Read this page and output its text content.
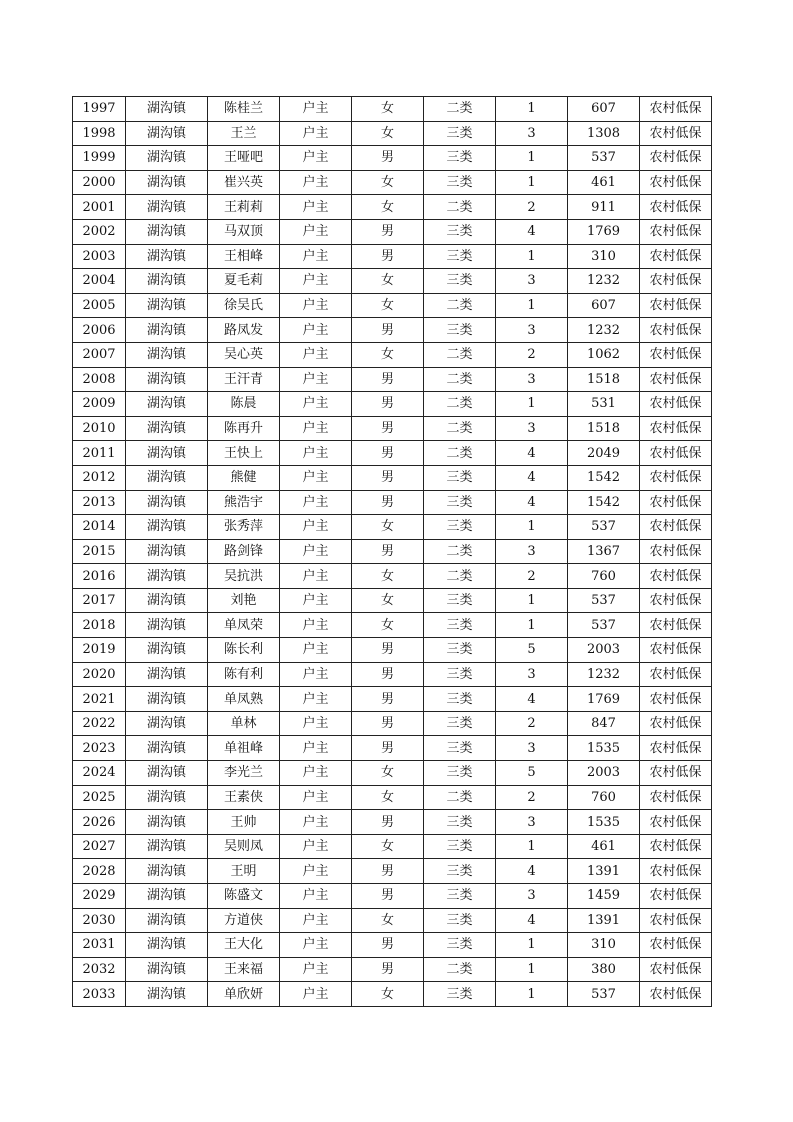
1997	湖沟镇	陈桂兰	户主	女	二类	1	607	农村低保
1998	湖沟镇	王兰	户主	女	三类	3	1308	农村低保
1999	湖沟镇	王哑吧	户主	男	三类	1	537	农村低保
2000	湖沟镇	崔兴英	户主	女	三类	1	461	农村低保
2001	湖沟镇	王莉莉	户主	女	二类	2	911	农村低保
2002	湖沟镇	马双顶	户主	男	三类	4	1769	农村低保
2003	湖沟镇	王相峰	户主	男	三类	1	310	农村低保
2004	湖沟镇	夏毛莉	户主	女	三类	3	1232	农村低保
2005	湖沟镇	徐吴氏	户主	女	二类	1	607	农村低保
2006	湖沟镇	路凤发	户主	男	三类	3	1232	农村低保
2007	湖沟镇	吴心英	户主	女	二类	2	1062	农村低保
2008	湖沟镇	王汗青	户主	男	二类	3	1518	农村低保
2009	湖沟镇	陈晨	户主	男	二类	1	531	农村低保
2010	湖沟镇	陈再升	户主	男	二类	3	1518	农村低保
2011	湖沟镇	王快上	户主	男	二类	4	2049	农村低保
2012	湖沟镇	熊健	户主	男	三类	4	1542	农村低保
2013	湖沟镇	熊浩宇	户主	男	三类	4	1542	农村低保
2014	湖沟镇	张秀萍	户主	女	三类	1	537	农村低保
2015	湖沟镇	路剑锋	户主	男	二类	3	1367	农村低保
2016	湖沟镇	吴抗洪	户主	女	二类	2	760	农村低保
2017	湖沟镇	刘艳	户主	女	三类	1	537	农村低保
2018	湖沟镇	单凤荣	户主	女	三类	1	537	农村低保
2019	湖沟镇	陈长利	户主	男	三类	5	2003	农村低保
2020	湖沟镇	陈有利	户主	男	三类	3	1232	农村低保
2021	湖沟镇	单凤熟	户主	男	三类	4	1769	农村低保
2022	湖沟镇	单林	户主	男	三类	2	847	农村低保
2023	湖沟镇	单祖峰	户主	男	三类	3	1535	农村低保
2024	湖沟镇	李光兰	户主	女	三类	5	2003	农村低保
2025	湖沟镇	王素侠	户主	女	二类	2	760	农村低保
2026	湖沟镇	王帅	户主	男	三类	3	1535	农村低保
2027	湖沟镇	吴则凤	户主	女	三类	1	461	农村低保
2028	湖沟镇	王明	户主	男	三类	4	1391	农村低保
2029	湖沟镇	陈盛文	户主	男	三类	3	1459	农村低保
2030	湖沟镇	方道侠	户主	女	三类	4	1391	农村低保
2031	湖沟镇	王大化	户主	男	三类	1	310	农村低保
2032	湖沟镇	王来福	户主	男	二类	1	380	农村低保
2033	湖沟镇	单欣妍	户主	女	三类	1	537	农村低保
